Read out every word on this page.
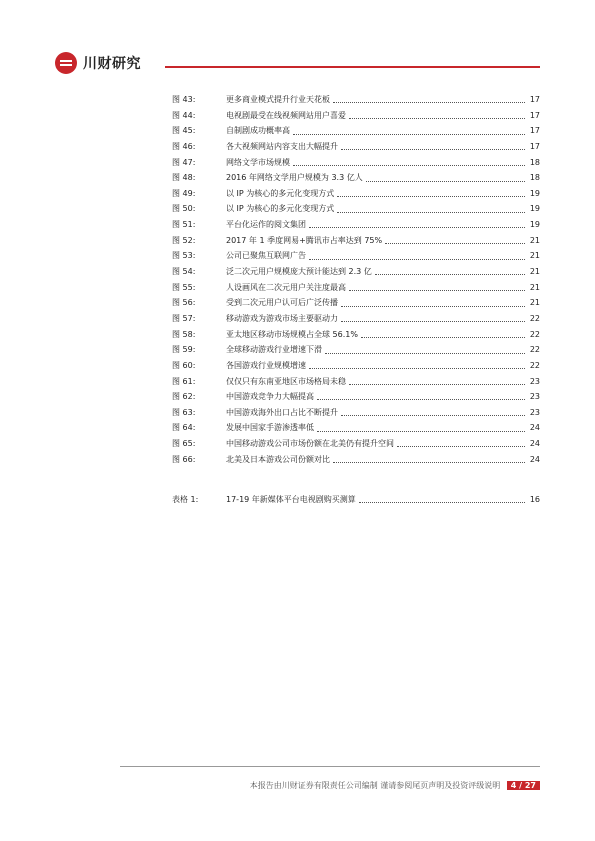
川财研究
图 43:	更多商业模式提升行业天花板	17
图 44:	电视剧最受在线视频网站用户喜爱	17
图 45:	自制剧成功概率高	17
图 46:	各大视频网站内容支出大幅提升	17
图 47:	网络文学市场规模	18
图 48:	2016 年网络文学用户规模为 3.3 亿人	18
图 49:	以 IP 为核心的多元化变现方式	19
图 50:	以 IP 为核心的多元化变现方式	19
图 51:	平台化运作的阅文集团	19
图 52:	2017 年 1 季度网易+腾讯市占率达到 75%	21
图 53:	公司已聚焦互联网广告	21
图 54:	泛二次元用户规模庞大预计能达到 2.3 亿	21
图 55:	人设画风在二次元用户关注度最高	21
图 56:	受到二次元用户认可后广泛传播	21
图 57:	移动游戏为游戏市场主要驱动力	22
图 58:	亚太地区移动市场规模占全球 56.1%	22
图 59:	全球移动游戏行业增速下滑	22
图 60:	各国游戏行业规模增速	22
图 61:	仅仅只有东南亚地区市场格局未稳	23
图 62:	中国游戏竞争力大幅提高	23
图 63:	中国游戏海外出口占比不断提升	23
图 64:	发展中国家手游渗透率低	24
图 65:	中国移动游戏公司市场份额在北美仍有提升空间	24
图 66:	北美及日本游戏公司份额对比	24
表格 1:	17-19 年新媒体平台电视剧购买测算	16
本报告由川财证券有限责任公司编制 谨请参阅尾页声明及投资评级说明 4 / 27
